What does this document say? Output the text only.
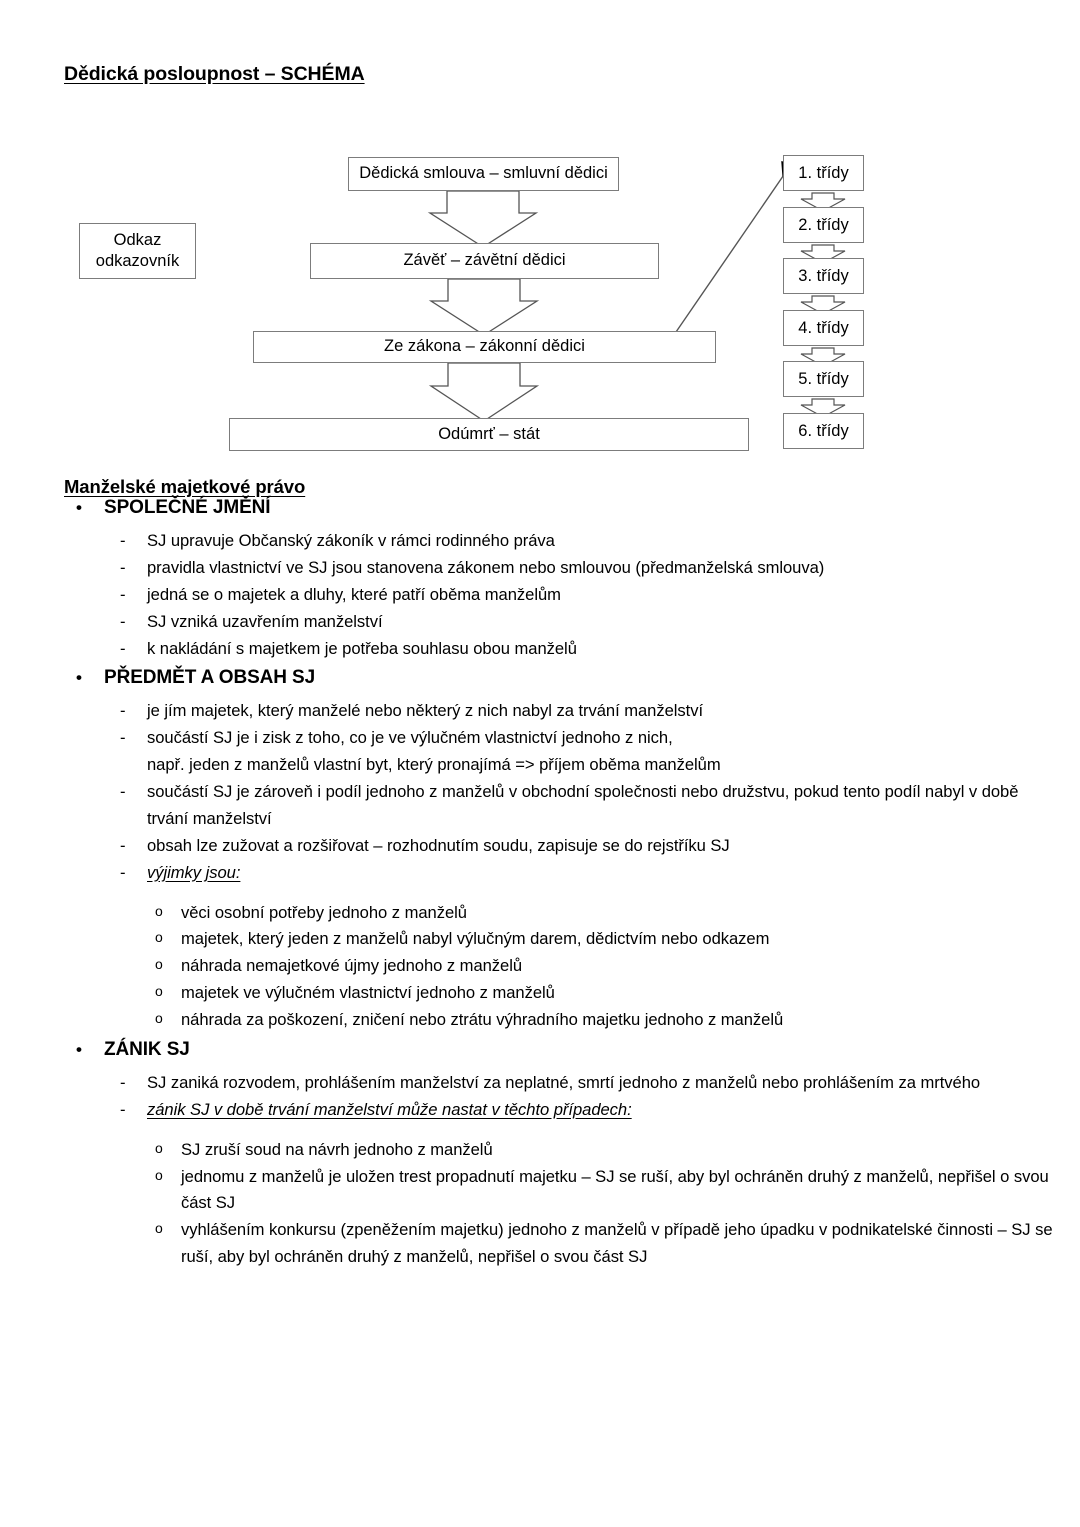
Dědická posloupnost – SCHÉMA
Dědická smlouva – smluvní dědici
Závěť – závětní dědici
Ze zákona – zákonní dědici
Odúmrť – stát
Odkaz
odkazovník
1. třídy
2. třídy
3. třídy
4. třídy
5. třídy
6. třídy
Manželské majetkové právo
• SPOLEČNÉ JMĚNÍ
- SJ upravuje Občanský zákoník v rámci rodinného práva
- pravidla vlastnictví ve SJ jsou stanovena zákonem nebo smlouvou (předmanželská smlouva)
- jedná se o majetek a dluhy, které patří oběma manželům
- SJ vzniká uzavřením manželství
- k nakládání s majetkem je potřeba souhlasu obou manželů
• PŘEDMĚT A OBSAH SJ
- je jím majetek, který manželé nebo některý z nich nabyl za trvání manželství
- součástí SJ je i zisk z toho, co je ve výlučném vlastnictví jednoho z nich,
např. jeden z manželů vlastní byt, který pronajímá => příjem oběma manželům
- součástí SJ je zároveň i podíl jednoho z manželů v obchodní společnosti nebo družstvu, pokud tento podíl nabyl v době trvání manželství
- obsah lze zužovat a rozšiřovat – rozhodnutím soudu, zapisuje se do rejstříku SJ
- výjimky jsou:
o věci osobní potřeby jednoho z manželů
o majetek, který jeden z manželů nabyl výlučným darem, dědictvím nebo odkazem
o náhrada nemajetkové újmy jednoho z manželů
o majetek ve výlučném vlastnictví jednoho z manželů
o náhrada za poškození, zničení nebo ztrátu výhradního majetku jednoho z manželů
• ZÁNIK SJ
- SJ zaniká rozvodem, prohlášením manželství za neplatné, smrtí jednoho z manželů nebo prohlášením za mrtvého
- zánik SJ v době trvání manželství může nastat v těchto případech:
o SJ zruší soud na návrh jednoho z manželů
o jednomu z manželů je uložen trest propadnutí majetku – SJ se ruší, aby byl ochráněn druhý z manželů, nepřišel o svou část SJ
o vyhlášením konkursu (zpeněžením majetku) jednoho z manželů v případě jeho úpadku v podnikatelské činnosti – SJ se ruší, aby byl ochráněn druhý z manželů, nepřišel o svou část SJ
